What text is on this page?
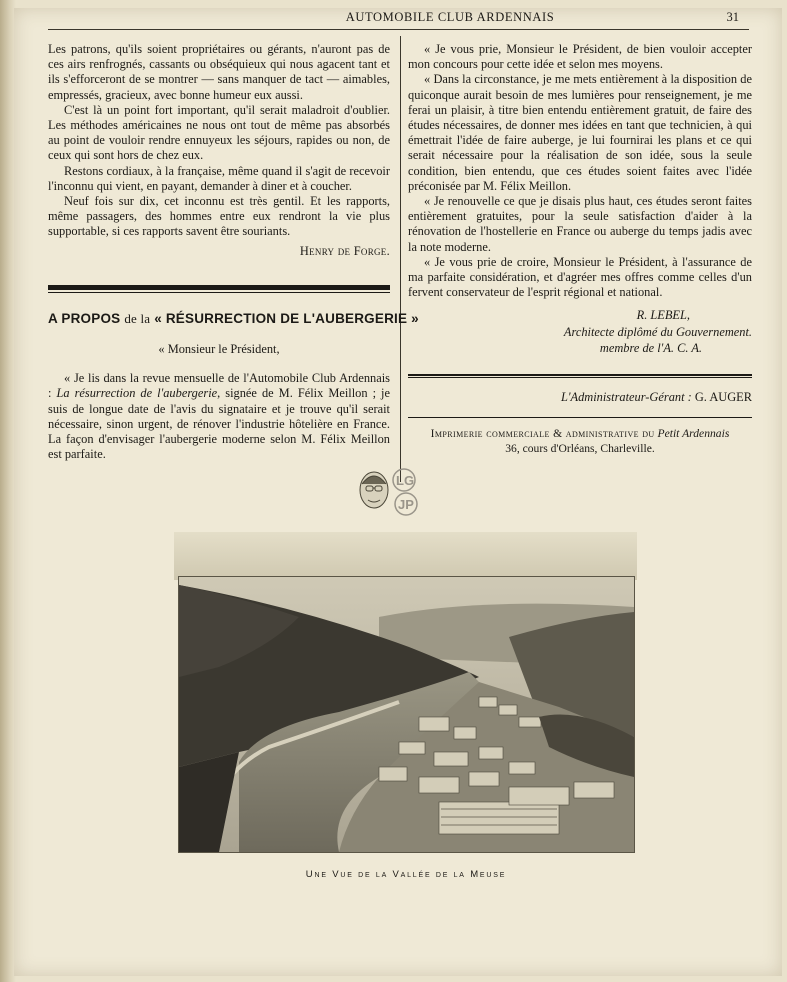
AUTOMOBILE CLUB ARDENNAIS	31

Les patrons, qu'ils soient propriétaires ou gérants, n'auront pas de ces airs renfrognés, cassants ou obséquieux qui nous agacent tant et ils s'efforceront de se montrer — sans manquer de tact — aimables, empressés, gracieux, avec bonne humeur eux aussi.

C'est là un point fort important, qu'il serait maladroit d'oublier. Les méthodes américaines ne nous ont tout de même pas absorbés au point de vouloir rendre ennuyeux les séjours, rapides ou non, de ceux qui sont hors de chez eux.

Restons cordiaux, à la française, même quand il s'agit de recevoir l'inconnu qui vient, en payant, demander à diner et à coucher.

Neuf fois sur dix, cet inconnu est très gentil. Et les rapports, même passagers, des hommes entre eux rendront la vie plus supportable, si ces rapports savent être souriants.

Henry de Forge.
A PROPOS de la « RÉSURRECTION DE L'AUBERGERIE »
« Monsieur le Président,

« Je lis dans la revue mensuelle de l'Automobile Club Ardennais : La résurrection de l'aubergerie, signée de M. Félix Meillon ; je suis de longue date de l'avis du signataire et je trouve qu'il serait nécessaire, sinon urgent, de rénover l'industrie hôtelière en France. La façon d'envisager l'aubergerie moderne selon M. Félix Meillon est parfaite.

« Je vous prie, Monsieur le Président, de bien vouloir accepter mon concours pour cette idée et selon mes moyens.

« Dans la circonstance, je me mets entièrement à la disposition de quiconque aurait besoin de mes lumières pour renseignement, je me ferai un plaisir, à titre bien entendu entièrement gratuit, de faire des études nécessaires, de donner mes idées en tant que technicien, à qui émettrait l'idée de faire auberge, je lui fournirai les plans et ce qui serait nécessaire pour la réalisation de son idée, sous la seule condition, bien entendu, que ces études soient faites avec l'idée préconisée par M. Félix Meillon.

« Je renouvelle ce que je disais plus haut, ces études seront faites entièrement gratuites, pour la seule satisfaction d'aider à la rénovation de l'hostellerie en France ou auberge du temps jadis avec la note moderne.

« Je vous prie de croire, Monsieur le Président, à l'assurance de ma parfaite considération, et d'agréer mes offres comme celles d'un fervent conservateur de l'esprit régional et national.

R. LEBEL,
Architecte diplômé du Gouvernement.
membre de l'A. C. A.
L'Administrateur-Gérant : G. AUGER
Imprimerie commerciale & administrative du Petit Ardennais
36, cours d'Orléans, Charleville.
LG
JP
Une Vue de la Vallée de la Meuse
